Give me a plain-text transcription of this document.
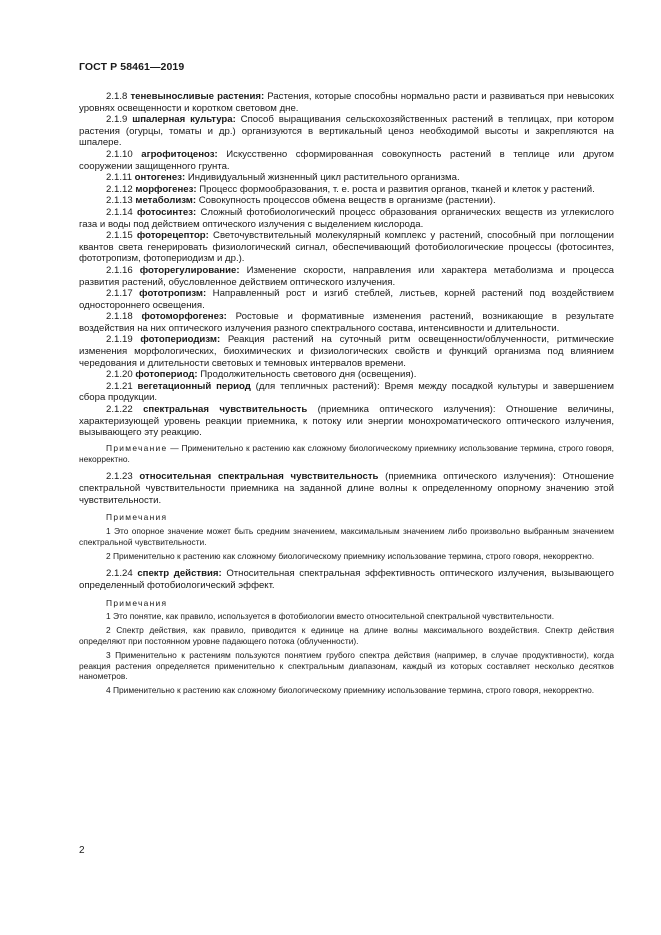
ГОСТ Р 58461—2019

2.1.8 теневыносливые растения: Растения, которые способны нормально расти и развиваться при невысоких уровнях освещенности и коротком световом дне.

2.1.9 шпалерная культура: Способ выращивания сельскохозяйственных растений в теплицах, при котором растения (огурцы, томаты и др.) организуются в вертикальный ценоз необходимой высоты и закрепляются на шпалере.

2.1.10 агрофитоценоз: Искусственно сформированная совокупность растений в теплице или другом сооружении защищенного грунта.

2.1.11 онтогенез: Индивидуальный жизненный цикл растительного организма.

2.1.12 морфогенез: Процесс формообразования, т. е. роста и развития органов, тканей и клеток у растений.

2.1.13 метаболизм: Совокупность процессов обмена веществ в организме (растении).

2.1.14 фотосинтез: Сложный фотобиологический процесс образования органических веществ из углекислого газа и воды под действием оптического излучения с выделением кислорода.

2.1.15 фоторецептор: Светочувствительный молекулярный комплекс у растений, способный при поглощении квантов света генерировать физиологический сигнал, обеспечивающий фотобиологические процессы (фотосинтез, фототропизм, фотопериодизм и др.).

2.1.16 фоторегулирование: Изменение скорости, направления или характера метаболизма и процесса развития растений, обусловленное действием оптического излучения.

2.1.17 фототропизм: Направленный рост и изгиб стеблей, листьев, корней растений под воздействием одностороннего освещения.

2.1.18 фотоморфогенез: Ростовые и формативные изменения растений, возникающие в результате воздействия на них оптического излучения разного спектрального состава, интенсивности и длительности.

2.1.19 фотопериодизм: Реакция растений на суточный ритм освещенности/облученности, ритмические изменения морфологических, биохимических и физиологических свойств и функций организма под влиянием чередования и длительности световых и темновых интервалов времени.

2.1.20 фотопериод: Продолжительность светового дня (освещения).

2.1.21 вегетационный период (для тепличных растений): Время между посадкой культуры и завершением сбора продукции.

2.1.22 спектральная чувствительность (приемника оптического излучения): Отношение величины, характеризующей уровень реакции приемника, к потоку или энергии монохроматического оптического излучения, вызывающего эту реакцию.

Примечание — Применительно к растению как сложному биологическому приемнику использование термина, строго говоря, некорректно.

2.1.23 относительная спектральная чувствительность (приемника оптического излучения): Отношение спектральной чувствительности приемника на заданной длине волны к определенному опорному значению этой чувствительности.

Примечания

1 Это опорное значение может быть средним значением, максимальным значением либо произвольно выбранным значением спектральной чувствительности.

2 Применительно к растению как сложному биологическому приемнику использование термина, строго говоря, некорректно.

2.1.24 спектр действия: Относительная спектральная эффективность оптического излучения, вызывающего определенный фотобиологический эффект.

Примечания

1 Это понятие, как правило, используется в фотобиологии вместо относительной спектральной чувствительности.

2 Спектр действия, как правило, приводится к единице на длине волны максимального воздействия. Спектр действия определяют при постоянном уровне падающего потока (облученности).

3 Применительно к растениям пользуются понятием грубого спектра действия (например, в случае продуктивности), когда реакция растения определяется применительно к спектральным диапазонам, каждый из которых составляет несколько десятков нанометров.

4 Применительно к растению как сложному биологическому приемнику использование термина, строго говоря, некорректно.

2
